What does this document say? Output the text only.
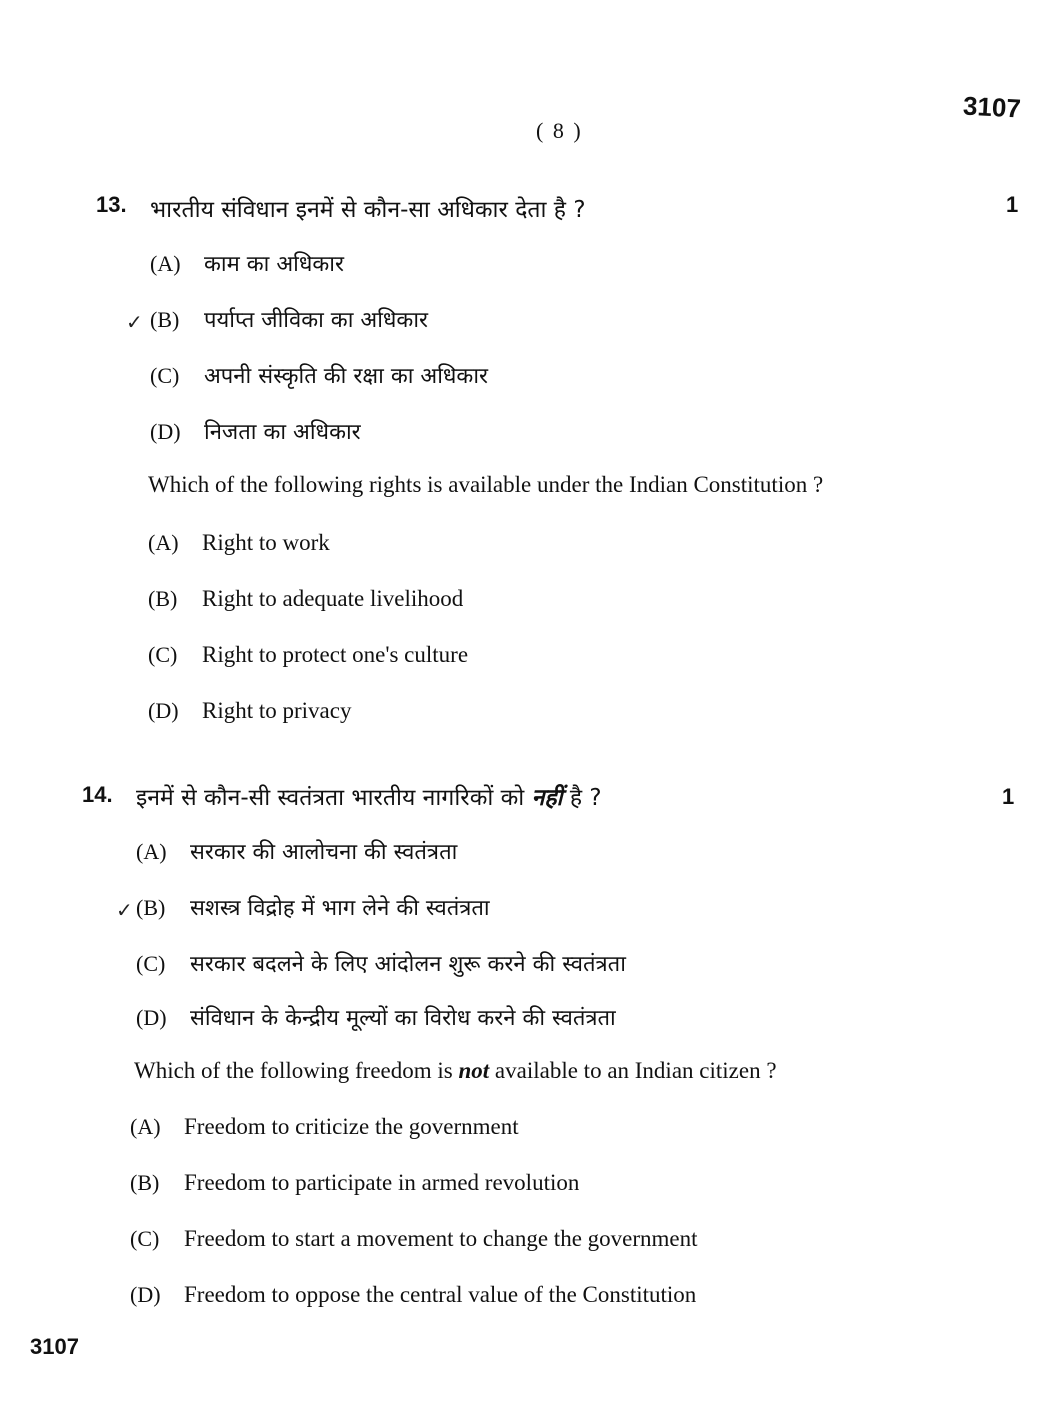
( 8 )
3107
13. भारतीय संविधान इनमें से कौन-सा अधिकार देता है ?	1
(A)	काम का अधिकार
✓ (B)	पर्याप्त जीविका का अधिकार
(C)	अपनी संस्कृति की रक्षा का अधिकार
(D)	निजता का अधिकार
Which of the following rights is available under the Indian Constitution ?
(A)	Right to work
(B)	Right to adequate livelihood
(C)	Right to protect one's culture
(D)	Right to privacy
14. इनमें से कौन-सी स्वतंत्रता भारतीय नागरिकों को नहीं है ?	1
(A)	सरकार की आलोचना की स्वतंत्रता
✓ (B)	सशस्त्र विद्रोह में भाग लेने की स्वतंत्रता
(C)	सरकार बदलने के लिए आंदोलन शुरू करने की स्वतंत्रता
(D)	संविधान के केन्द्रीय मूल्यों का विरोध करने की स्वतंत्रता
Which of the following freedom is not available to an Indian citizen ?
(A)	Freedom to criticize the government
(B)	Freedom to participate in armed revolution
(C)	Freedom to start a movement to change the government
(D)	Freedom to oppose the central value of the Constitution
3107
